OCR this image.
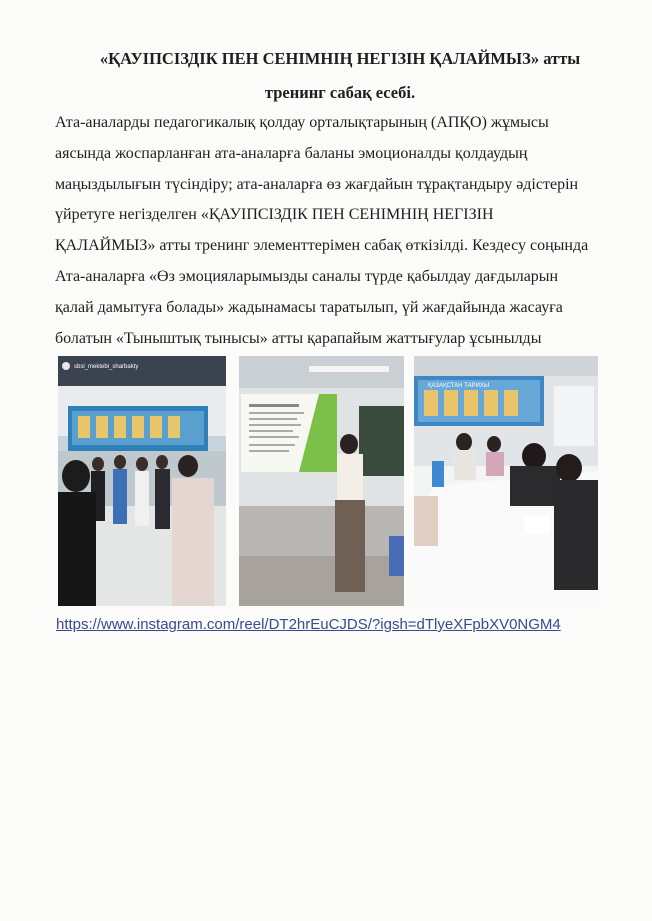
«ҚАУІПСІЗДІК ПЕН СЕНІМНІҢ НЕГІЗІН ҚАЛАЙМЫЗ» атты
тренинг сабақ есебі.

Ата-аналарды педагогикалық қолдау орталықтарының (АПҚО) жұмысы
аясында жоспарланған ата-аналарға баланы эмоционалды қолдаудың
маңыздылығын түсіндіру; ата-аналарға өз жағдайын тұрақтандыру әдістерін
үйретуге негізделген «ҚАУІПСІЗДІК ПЕН СЕНІМНІҢ НЕГІЗІН
ҚАЛАЙМЫЗ» атты тренинг элементтерімен сабақ өткізілді. Кездесу соңында
Ата-аналарға «Өз эмоцияларымызды саналы түрде қабылдау дағдыларын
қалай дамытуға болады» жадынамасы таратылып, үй жағдайында жасауға
болатын «Тыныштық тынысы» атты қарапайым жаттығулар ұсынылды

sbsl_mektebi_sharbakty
ҚАЗАҚСТАН ТАРИХЫ
https://www.instagram.com/reel/DT2hrEuCJDS/?igsh=dTlyeXFpbXV0NGM4
